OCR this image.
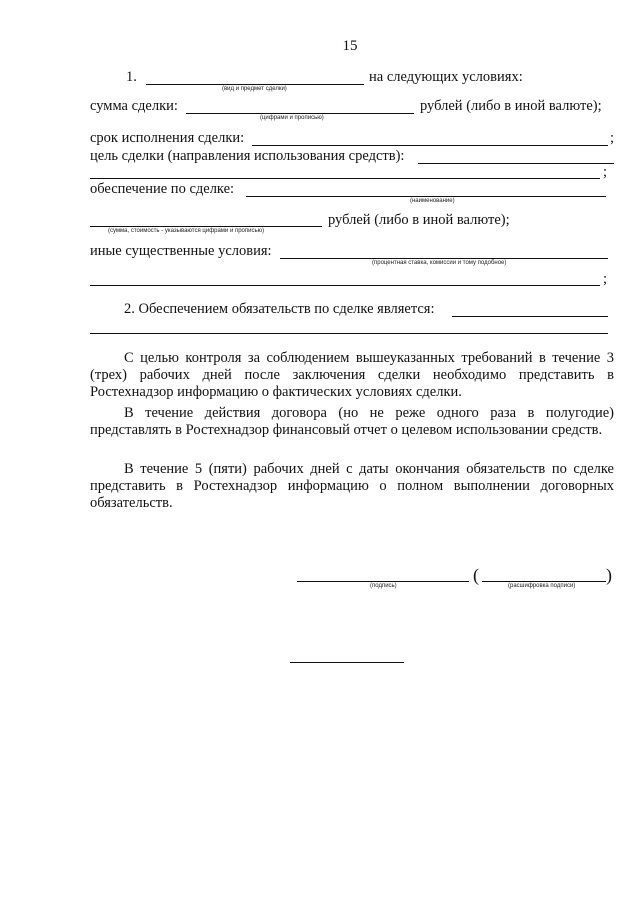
15
1.
(вид и предмет сделки)
на следующих условиях:
сумма сделки:
(цифрами и прописью)
рублей (либо в иной валюте);
срок исполнения сделки:	;
цель сделки (направления использования средств):
;
обеспечение по сделке:
(наименование)
(сумма, стоимость - указываются цифрами и прописью)
рублей (либо в иной валюте);
иные существенные условия:
(процентная ставка, комиссии и тому подобное)
;
2. Обеспечением обязательств по сделке является:
С целью контроля за соблюдением вышеуказанных требований в течение 3 (трех) рабочих дней после заключения сделки необходимо представить в Ростехнадзор информацию о фактических условиях сделки.
В течение действия договора (но не реже одного раза в полугодие) представлять в Ростехнадзор финансовый отчет о целевом использовании средств.
В течение 5 (пяти) рабочих дней с даты окончания обязательств по сделке представить в Ростехнадзор информацию о полном выполнении договорных обязательств.
(подпись)
(	)
(расшифровка подписи)
